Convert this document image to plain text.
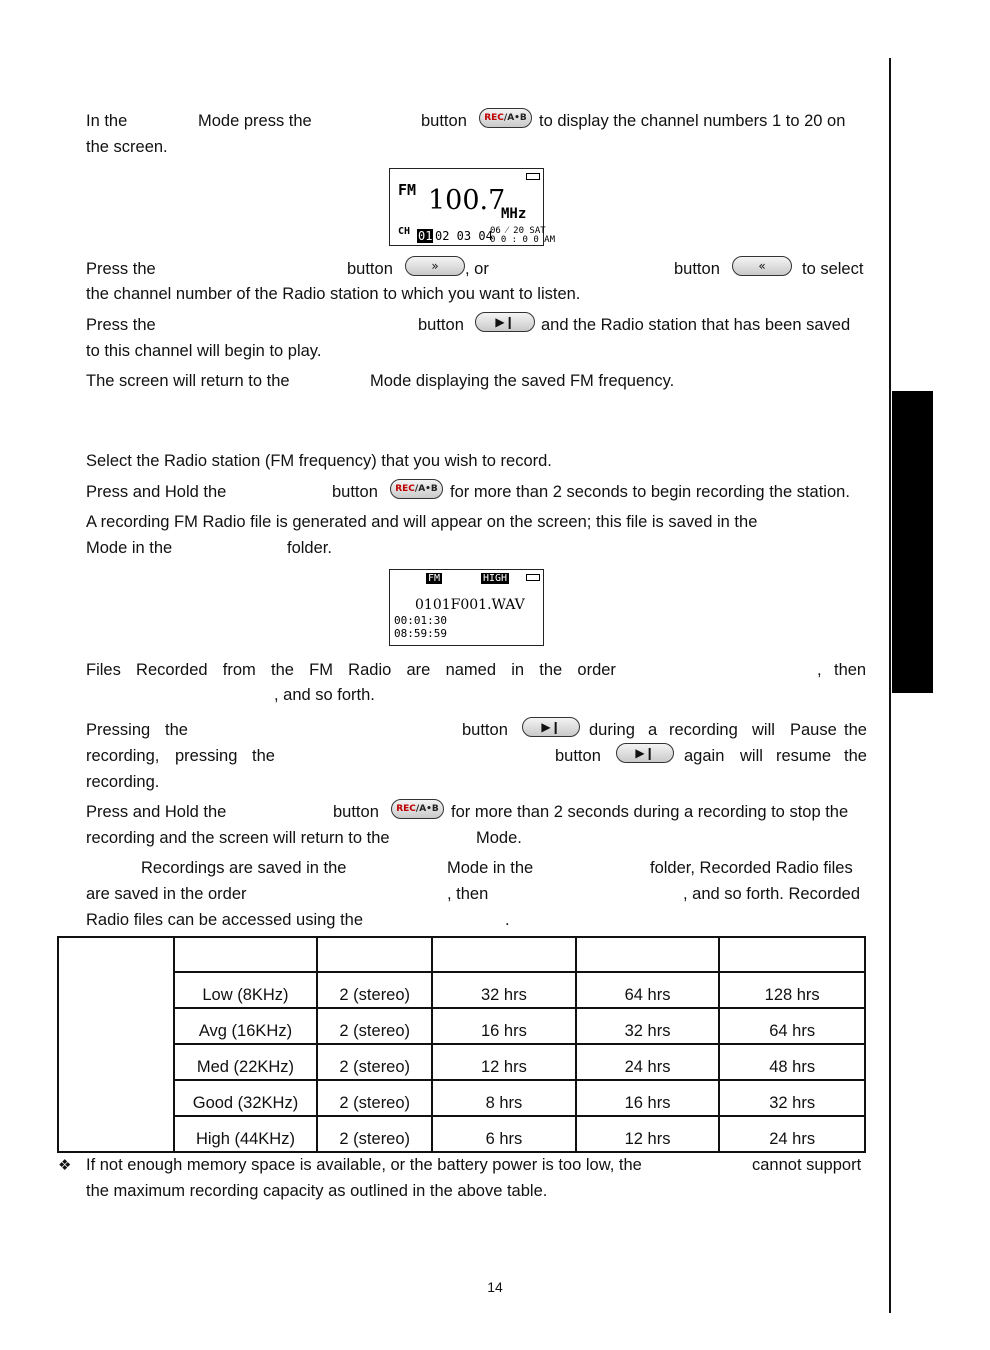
In the	Mode press the	button REC / A•B to display the channel numbers 1 to 20 on
the screen.
FM 100.7
MHz
CH 01 02 03 04
06 ⁄ 20 SAT
0 0 : 0 0 AM
Press the	button	» , or	button	« to select
the channel number of the Radio station to which you want to listen.
Press the	button	▶❙ and the Radio station that has been saved
to this channel will begin to play.
The screen will return to the	Mode displaying the saved FM frequency.
Select the Radio station (FM frequency) that you wish to record.
Press and Hold the	button REC / A•B for more than 2 seconds to begin recording the station.
A recording FM Radio file is generated and will appear on the screen; this file is saved in the
Mode in the	folder.
FM	HIGH
0101F001.WAV
00:01:30
08:59:59
Files Recorded from the FM Radio are named in the order	, then
, and so forth.
Pressing the	button	▶❙ during a recording will Pause the
recording, pressing the	button	▶❙ again will resume the
recording.
Press and Hold the	button REC / A•B for more than 2 seconds during a recording to stop the
recording and the screen will return to the	Mode.
Recordings are saved in the	Mode in the	folder, Recorded Radio files
are saved in the order	, then	, and so forth. Recorded
Radio files can be accessed using the	.

	Low (8KHz)	2 (stereo)	32 hrs	64 hrs	128 hrs
	Avg (16KHz)	2 (stereo)	16 hrs	32 hrs	64 hrs
	Med (22KHz)	2 (stereo)	12 hrs	24 hrs	48 hrs
	Good (32KHz)	2 (stereo)	8 hrs	16 hrs	32 hrs
	High (44KHz)	2 (stereo)	6 hrs	12 hrs	24 hrs
❖ If not enough memory space is available, or the battery power is too low, the	cannot support
the maximum recording capacity as outlined in the above table.
14
